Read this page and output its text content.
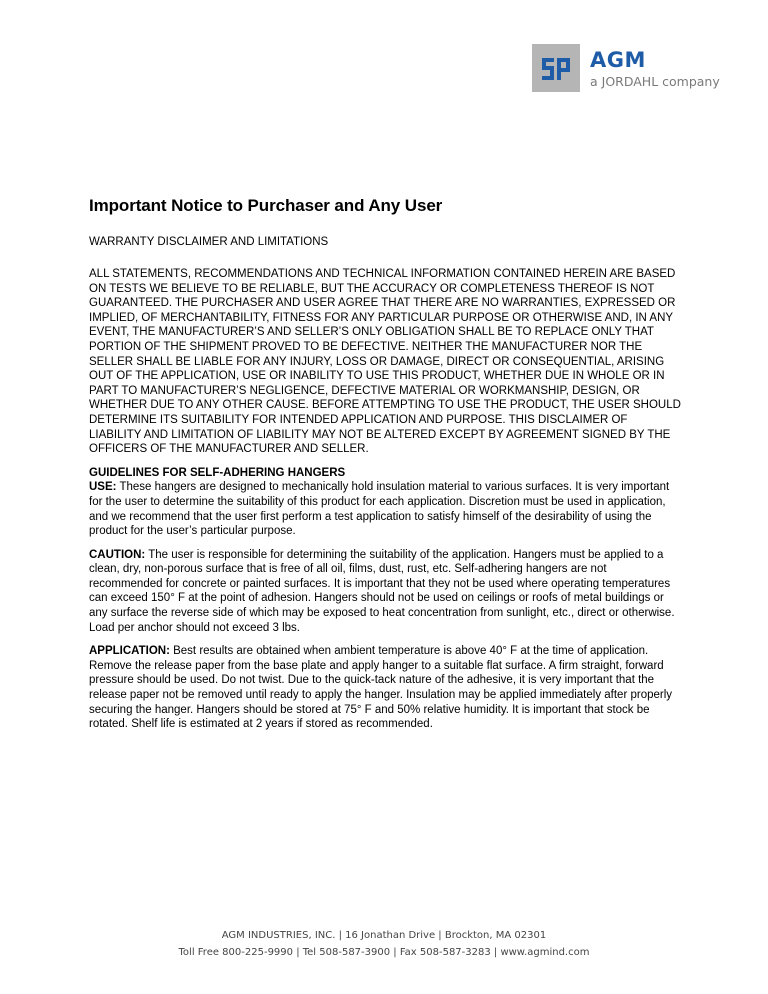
AGM
a JORDAHL company
Important Notice to Purchaser and Any User
WARRANTY DISCLAIMER AND LIMITATIONS

ALL STATEMENTS, RECOMMENDATIONS AND TECHNICAL INFORMATION CONTAINED HEREIN ARE BASED ON TESTS WE BELIEVE TO BE RELIABLE, BUT THE ACCURACY OR COMPLETENESS THEREOF IS NOT GUARANTEED. THE PURCHASER AND USER AGREE THAT THERE ARE NO WARRANTIES, EXPRESSED OR IMPLIED, OF MERCHANTABILITY, FITNESS FOR ANY PARTICULAR PURPOSE OR OTHERWISE AND, IN ANY EVENT, THE MANUFACTURER’S AND SELLER’S ONLY OBLIGATION SHALL BE TO REPLACE ONLY THAT PORTION OF THE SHIPMENT PROVED TO BE DEFECTIVE. NEITHER THE MANUFACTURER NOR THE SELLER SHALL BE LIABLE FOR ANY INJURY, LOSS OR DAMAGE, DIRECT OR CONSEQUENTIAL, ARISING OUT OF THE APPLICATION, USE OR INABILITY TO USE THIS PRODUCT, WHETHER DUE IN WHOLE OR IN PART TO MANUFACTURER’S NEGLIGENCE, DEFECTIVE MATERIAL OR WORKMANSHIP, DESIGN, OR WHETHER DUE TO ANY OTHER CAUSE. BEFORE ATTEMPTING TO USE THE PRODUCT, THE USER SHOULD DETERMINE ITS SUITABILITY FOR INTENDED APPLICATION AND PURPOSE. THIS DISCLAIMER OF LIABILITY AND LIMITATION OF LIABILITY MAY NOT BE ALTERED EXCEPT BY AGREEMENT SIGNED BY THE OFFICERS OF THE MANUFACTURER AND SELLER.

GUIDELINES FOR SELF-ADHERING HANGERS

USE: These hangers are designed to mechanically hold insulation material to various surfaces. It is very important for the user to determine the suitability of this product for each application. Discretion must be used in application, and we recommend that the user first perform a test application to satisfy himself of the desirability of using the product for the user’s particular purpose.

CAUTION: The user is responsible for determining the suitability of the application. Hangers must be applied to a clean, dry, non-porous surface that is free of all oil, films, dust, rust, etc. Self-adhering hangers are not recommended for concrete or painted surfaces. It is important that they not be used where operating temperatures can exceed 150° F at the point of adhesion. Hangers should not be used on ceilings or roofs of metal buildings or any surface the reverse side of which may be exposed to heat concentration from sunlight, etc., direct or otherwise. Load per anchor should not exceed 3 lbs.

APPLICATION: Best results are obtained when ambient temperature is above 40° F at the time of application. Remove the release paper from the base plate and apply hanger to a suitable flat surface. A firm straight, forward pressure should be used. Do not twist. Due to the quick-tack nature of the adhesive, it is very important that the release paper not be removed until ready to apply the hanger. Insulation may be applied immediately after properly securing the hanger. Hangers should be stored at 75° F and 50% relative humidity. It is important that stock be rotated. Shelf life is estimated at 2 years if stored as recommended.

AGM INDUSTRIES, INC. | 16 Jonathan Drive | Brockton, MA 02301
Toll Free 800-225-9990 | Tel 508-587-3900 | Fax 508-587-3283 | www.agmind.com
